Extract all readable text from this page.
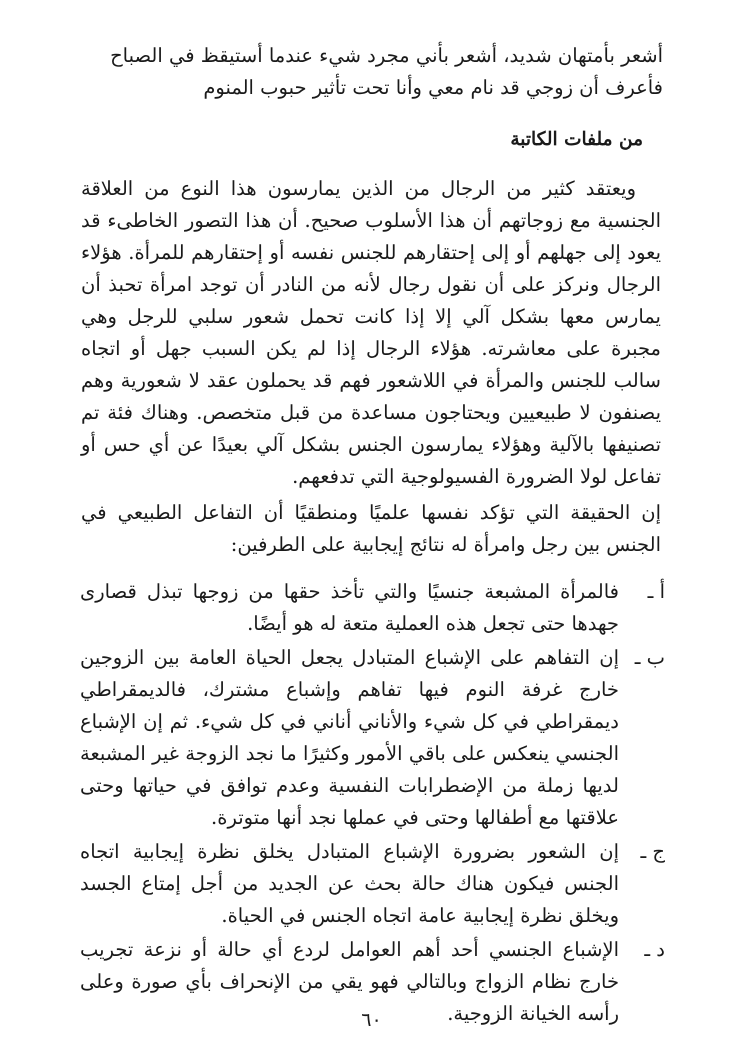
أشعر بأمتهان شديد، أشعر بأني مجرد شيء عندما أستيقظ في الصباح
فأعرف أن زوجي قد نام معي وأنا تحت تأثير حبوب المنوم
من ملفات الكاتبة
ويعتقد كثير من الرجال من الذين يمارسون هذا النوع من العلاقة الجنسية مع زوجاتهم أن هذا الأسلوب صحيح. أن هذا التصور الخاطىء قد يعود إلى جهلهم أو إلى إحتقارهم للجنس نفسه أو إحتقارهم للمرأة. هؤلاء الرجال ونركز على أن نقول رجال لأنه من النادر أن توجد امرأة تحبذ أن يمارس معها بشكل آلي إلا إذا كانت تحمل شعور سلبي للرجل وهي مجبرة على معاشرته. هؤلاء الرجال إذا لم يكن السبب جهل أو اتجاه سالب للجنس والمرأة في اللاشعور فهم قد يحملون عقد لا شعورية وهم يصنفون لا طبيعيين ويحتاجون مساعدة من قبل متخصص. وهناك فئة تم تصنيفها بالآلية وهؤلاء يمارسون الجنس بشكل آلي بعيدًا عن أي حس أو تفاعل لولا الضرورة الفسيولوجية التي تدفعهم.
إن الحقيقة التي تؤكد نفسها علميًا ومنطقيًا أن التفاعل الطبيعي في الجنس بين رجل وامرأة له نتائج إيجابية على الطرفين:
أ ـ
فالمرأة المشبعة جنسيًا والتي تأخذ حقها من زوجها تبذل قصارى جهدها حتى تجعل هذه العملية متعة له هو أيضًا.
ب ـ
إن التفاهم على الإشباع المتبادل يجعل الحياة العامة بين الزوجين خارج غرفة النوم فيها تفاهم وإشباع مشترك، فالديمقراطي ديمقراطي في كل شيء والأناني أناني في كل شيء. ثم إن الإشباع الجنسي ينعكس على باقي الأمور وكثيرًا ما نجد الزوجة غير المشبعة لديها زملة من الإضطرابات النفسية وعدم توافق في حياتها وحتى علاقتها مع أطفالها وحتى في عملها نجد أنها متوترة.
ج ـ
إن الشعور بضرورة الإشباع المتبادل يخلق نظرة إيجابية اتجاه الجنس فيكون هناك حالة بحث عن الجديد من أجل إمتاع الجسد ويخلق نظرة إيجابية عامة اتجاه الجنس في الحياة.
د ـ
الإشباع الجنسي أحد أهم العوامل لردع أي حالة أو نزعة تجريب خارج نظام الزواج وبالتالي فهو يقي من الإنحراف بأي صورة وعلى رأسه الخيانة الزوجية.
٦٠
